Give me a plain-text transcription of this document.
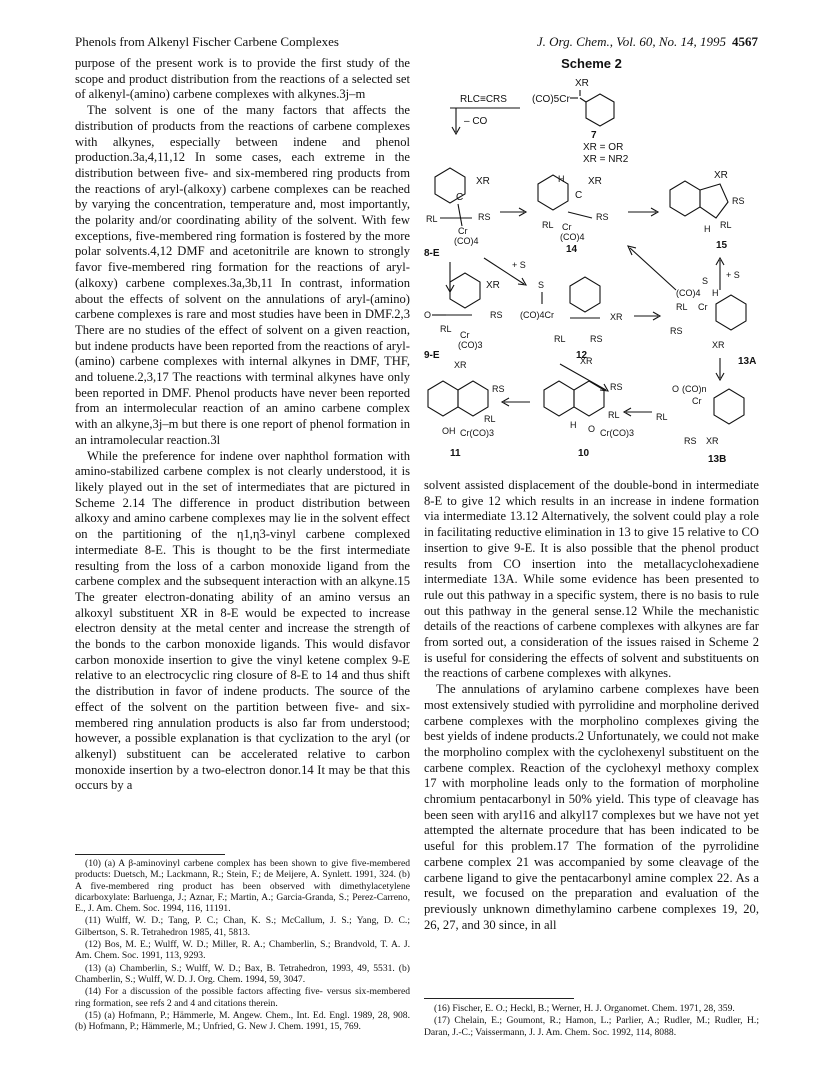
Phenols from Alkenyl Fischer Carbene Complexes	J. Org. Chem., Vol. 60, No. 14, 1995 4567

purpose of the present work is to provide the first study of the scope and product distribution from the reactions of a selected set of alkenyl-(amino) carbene complexes with alkynes.3j–m

The solvent is one of the many factors that affects the distribution of products from the reactions of carbene complexes with alkynes, especially between indene and phenol production.3a,4,11,12 In some cases, each extreme in the distribution between five- and six-membered ring products from the reactions of aryl-(alkoxy) carbene complexes can be reached by varying the concentration, temperature and, most importantly, the polarity and/or coordinating ability of the solvent. With few exceptions, five-membered ring formation is fostered by the more polar solvents.4,12 DMF and acetonitrile are known to strongly favor five-membered ring formation for the reactions of aryl-(alkoxy) carbene complexes.3a,3b,11 In contrast, information about the effects of solvent on the annulations of aryl-(amino) carbene complexes is rare and most studies have been in DMF.2,3 There are no studies of the effect of solvent on a given reaction, but indene products have been reported from the reactions of aryl-(amino) carbene complexes with internal alkynes in DMF, THF, and toluene.2,3,17 The reactions with terminal alkynes have only been reported in DMF. Phenol products have never been reported from an intermolecular reaction of an amino carbene complex with an alkyne,3j–m but there is one report of phenol formation in an intramolecular reaction.3l

While the preference for indene over naphthol formation with amino-stabilized carbene complex is not clearly understood, it is likely played out in the set of intermediates that are pictured in Scheme 2.14 The difference in product distribution between alkoxy and amino carbene complexes may lie in the solvent effect on the partitioning of the η1,η3-vinyl carbene complexed intermediate 8-E. This is thought to be the first intermediate resulting from the loss of a carbon monoxide ligand from the carbene complex and the subsequent interaction with an alkyne.15 The greater electron-donating ability of an amino versus an alkoxyl substituent XR in 8-E would be expected to increase electron density at the metal center and increase the strength of the bonds to the carbon monoxide ligands. This would disfavor carbon monoxide insertion to give the vinyl ketene complex 9-E relative to an electrocyclic ring closure of 8-E to 14 and thus shift the distribution in favor of indene products. The source of the effect of the solvent on the partition between five- and six-membered ring annulation products is also far from understood; however, a possible explanation is that cyclization to the aryl (or alkenyl) substituent can be accelerated relative to carbon monoxide insertion by a two-electron donor.14 It may be that this occurs by a

(10) (a) A β-aminovinyl carbene complex has been shown to give five-membered products: Duetsch, M.; Lackmann, R.; Stein, F.; de Meijere, A. Synlett. 1991, 324. (b) A five-membered ring product has been observed with dimethylacetylene dicarboxylate: Barluenga, J.; Aznar, F.; Martin, A.; Garcia-Granda, S.; Perez-Carreno, E., J. Am. Chem. Soc. 1994, 116, 11191.

(11) Wulff, W. D.; Tang, P. C.; Chan, K. S.; McCallum, J. S.; Yang, D. C.; Gilbertson, S. R. Tetrahedron 1985, 41, 5813.

(12) Bos, M. E.; Wulff, W. D.; Miller, R. A.; Chamberlin, S.; Brandvold, T. A. J. Am. Chem. Soc. 1991, 113, 9293.

(13) (a) Chamberlin, S.; Wulff, W. D.; Bax, B. Tetrahedron, 1993, 49, 5531. (b) Chamberlin, S.; Wulff, W. D. J. Org. Chem. 1994, 59, 3047.

(14) For a discussion of the possible factors affecting five- versus six-membered ring formation, see refs 2 and 4 and citations therein.

(15) (a) Hofmann, P.; Hämmerle, M. Angew. Chem., Int. Ed. Engl. 1989, 28, 908. (b) Hofmann, P.; Hämmerle, M.; Unfried, G. New J. Chem. 1991, 15, 769.

Scheme 2
XR
(CO)5Cr
7
XR = OR
XR = NR2
RLC≡CRS
– CO
XR
C
RL	RS
Cr
(CO)4
8-E
H XR
C
RS
RL Cr
(CO)4
14
XR
RS
RL
H
15
+ S
+ S
XR
O	RS
RL
Cr
(CO)3
9-E
S
(CO)4Cr	XR
RL	RS
12
S
(CO)4 H
RL Cr
RS
XR
13A
O (CO)n
Cr
RL
RS XR
13B
XR
RS
RL
H O Cr(CO)3
10
XR
RS
RL
OH Cr(CO)3
11

solvent assisted displacement of the double-bond in intermediate 8-E to give 12 which results in an increase in indene formation via intermediate 13.12 Alternatively, the solvent could play a role in facilitating reductive elimination in 13 to give 15 relative to CO insertion to give 9-E. It is also possible that the phenol product results from CO insertion into the metallacyclohexadiene intermediate 13A. While some evidence has been presented to rule out this pathway in a specific system, there is no basis to rule out this pathway in the general sense.12 While the mechanistic details of the reactions of carbene complexes with alkynes are far from sorted out, a consideration of the issues raised in Scheme 2 is useful for considering the effects of solvent and substituents on the reactions of carbene complexes with alkynes.

The annulations of arylamino carbene complexes have been most extensively studied with pyrrolidine and morpholine derived carbene complexes with the morpholino complexes giving the best yields of indene products.2 Unfortunately, we could not make the morpholino complex with the cyclohexenyl substituent on the carbene complex. Reaction of the cyclohexyl methoxy complex 17 with morpholine leads only to the formation of morpholine chromium pentacarbonyl in 50% yield. This type of cleavage has been seen with aryl16 and alkyl17 complexes but we have not yet attempted the alternate procedure that has been indicated to be useful for this problem.17 The formation of the pyrrolidine carbene complex 21 was accompanied by some cleavage of the carbene ligand to give the pentacarbonyl amine complex 22. As a result, we focused on the preparation and evaluation of the previously unknown dimethylamino carbene complexes 19, 20, 26, 27, and 30 since, in all

(16) Fischer, E. O.; Heckl, B.; Werner, H. J. Organomet. Chem. 1971, 28, 359.

(17) Chelain, E.; Goumont, R.; Hamon, L.; Parlier, A.; Rudler, M.; Rudler, H.; Daran, J.-C.; Vaissermann, J. J. Am. Chem. Soc. 1992, 114, 8088.
